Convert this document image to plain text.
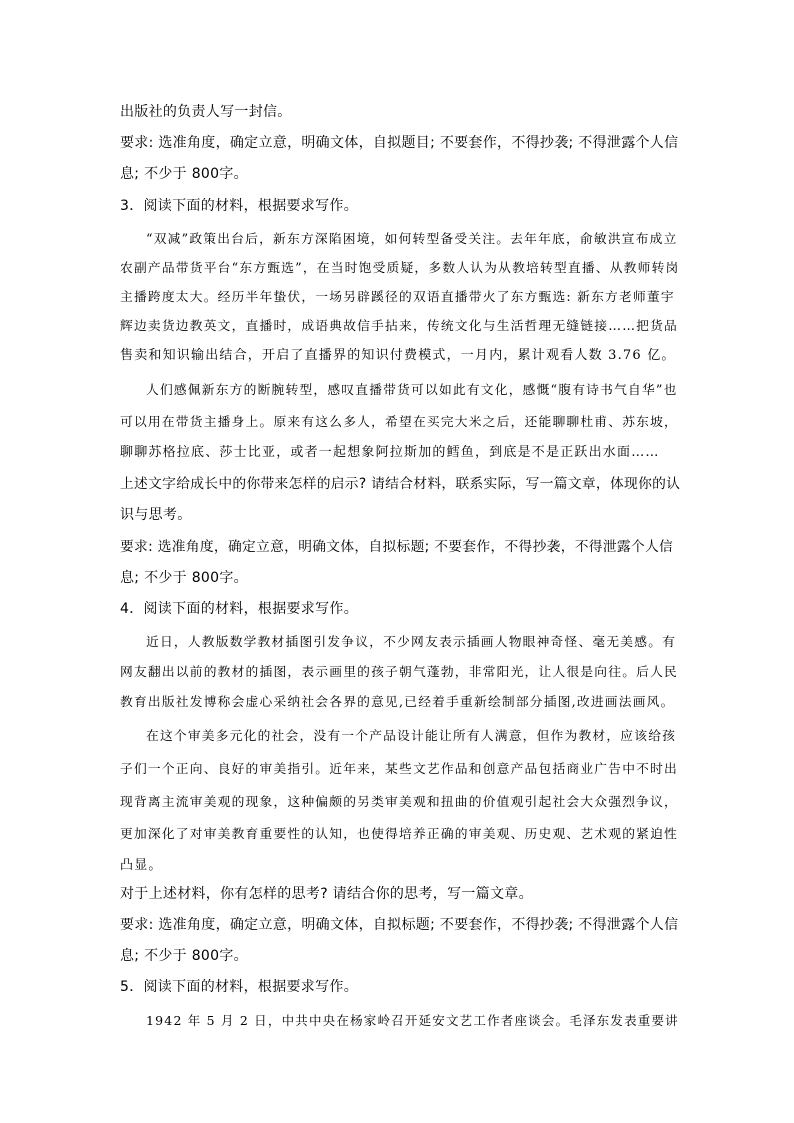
出版社的负责人写一封信。
要求: 选准角度，确定立意，明确文体，自拟题目; 不要套作，不得抄袭; 不得泄露个人信
息; 不少于 800字。
3．阅读下面的材料，根据要求写作。
“双减”政策出台后，新东方深陷困境，如何转型备受关注。去年年底，俞敏洪宣布成立
农副产品带货平台“东方甄选”，在当时饱受质疑，多数人认为从教培转型直播、从教师转岗
主播跨度太大。经历半年蛰伏，一场另辟蹊径的双语直播带火了东方甄选: 新东方老师董宇
辉边卖货边教英文，直播时，成语典故信手拈来，传统文化与生活哲理无缝链接……把货品
售卖和知识输出结合，开启了直播界的知识付费模式，一月内，累计观看人数 3.76 亿。
人们感佩新东方的断腕转型，感叹直播带货可以如此有文化，感慨“腹有诗书气自华”也
可以用在带货主播身上。原来有这么多人，希望在买完大米之后，还能聊聊杜甫、苏东坡，
聊聊苏格拉底、莎士比亚，或者一起想象阿拉斯加的鳕鱼，到底是不是正跃出水面……
上述文字给成长中的你带来怎样的启示? 请结合材料，联系实际，写一篇文章，体现你的认
识与思考。
要求: 选准角度，确定立意，明确文体，自拟标题; 不要套作，不得抄袭，不得泄露个人信
息; 不少于 800字。
4．阅读下面的材料，根据要求写作。
近日，人教版数学教材插图引发争议，不少网友表示插画人物眼神奇怪、毫无美感。有
网友翻出以前的教材的插图，表示画里的孩子朝气蓬勃，非常阳光，让人很是向往。后人民
教育出版社发博称会虚心采纳社会各界的意见,已经着手重新绘制部分插图,改进画法画风。
在这个审美多元化的社会，没有一个产品设计能让所有人满意，但作为教材，应该给孩
子们一个正向、良好的审美指引。近年来，某些文艺作品和创意产品包括商业广告中不时出
现背离主流审美观的现象，这种偏颇的另类审美观和扭曲的价值观引起社会大众强烈争议，
更加深化了对审美教育重要性的认知，也使得培养正确的审美观、历史观、艺术观的紧迫性
凸显。
对于上述材料，你有怎样的思考? 请结合你的思考，写一篇文章。
要求: 选准角度，确定立意，明确文体，自拟标题; 不要套作，不得抄袭; 不得泄露个人信
息; 不少于 800字。
5．阅读下面的材料，根据要求写作。
1942 年 5 月 2 日，中共中央在杨家岭召开延安文艺工作者座谈会。毛泽东发表重要讲
